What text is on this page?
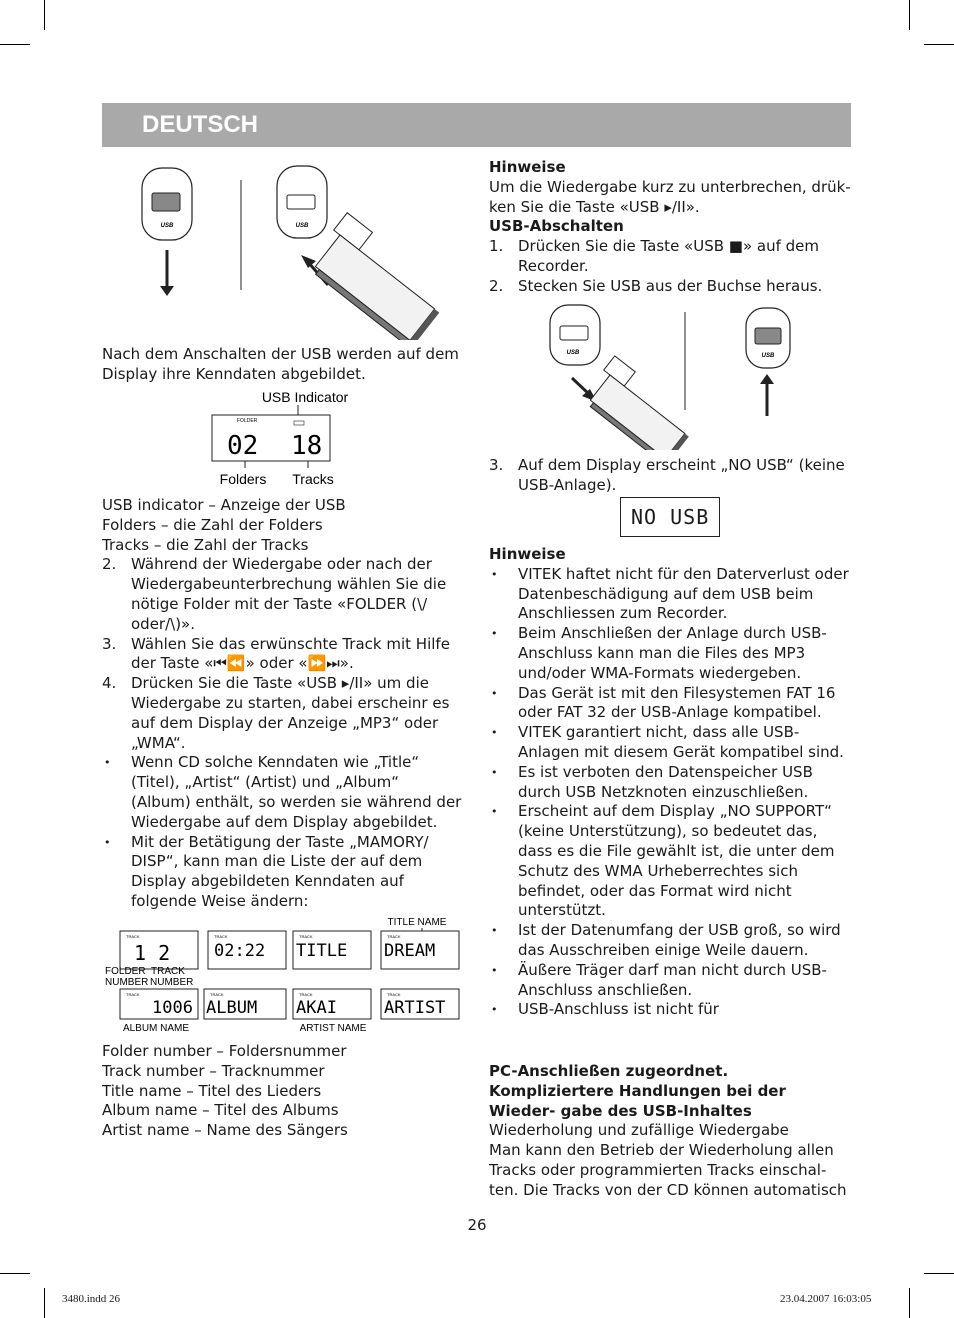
DEUTSCH
USB	USB

Nach dem Anschalten der USB werden auf dem Display ihre Kenndaten abgebildet.

USB Indicator
FOLDER
02 18
Folders Tracks

USB indicator – Anzeige der USB

Folders – die Zahl der Folders

Tracks – die Zahl der Tracks

2. Während der Wiedergabe oder nach der Wiedergabeunterbrechung wählen Sie die nötige Folder mit der Taste «FOLDER (\/ oder/\)».
3. Wählen Sie das erwünschte Track mit Hilfe der Taste «⏮⏪» oder «⏩⏭».
4. Drücken Sie die Taste «USB ▸/II» um die Wiedergabe zu starten, dabei erscheinr es auf dem Display der Anzeige „MP3“ oder „WMA“.
• Wenn CD solche Kenndaten wie „Title“ (Titel), „Artist“ (Artist) und „Album“ (Album) enthält, so werden sie während der Wiedergabe auf dem Display abgebildet.
• Mit der Betätigung der Taste „MAMORY/ DISP“, kann man die Liste der auf dem Display abgebildeten Kenndaten auf folgende Weise ändern:
TITLE NAME
TRACK
1 2
TRACK
02:22
TRACK
TITLE
TRACK
DREAM
FOLDER TRACK
NUMBER NUMBER
TRACK
1006
TRACK
ALBUM
TRACK
AKAI
TRACK
ARTIST
ALBUM NAME	ARTIST NAME

Folder number – Foldersnummer

Track number – Tracknummer

Title name – Titel des Lieders

Album name – Titel des Albums

Artist name – Name des Sängers

Hinweise

Um die Wiedergabe kurz zu unterbrechen, drük- ken Sie die Taste «USB ▸/II».

USB-Abschalten

1. Drücken Sie die Taste «USB ■» auf dem Recorder.
2. Stecken Sie USB aus der Buchse heraus.
USB	USB
3. Auf dem Display erscheint „NO USB“ (keine USB-Anlage).
NO USB

Hinweise

• VITEK haftet nicht für den Daterverlust oder Datenbeschädigung auf dem USB beim Anschliessen zum Recorder.
• Beim Anschließen der Anlage durch USB-Anschluss kann man die Files des MP3 und/oder WMA-Formats wiedergeben.
• Das Gerät ist mit den Filesystemen FAT 16 oder FAT 32 der USB-Anlage kompatibel.
• VITEK garantiert nicht, dass alle USB-Anlagen mit diesem Gerät kompatibel sind.
• Es ist verboten den Datenspeicher USB durch USB Netzknoten einzuschließen.
• Erscheint auf dem Display „NO SUPPORT“ (keine Unterstützung), so bedeutet das, dass es die File gewählt ist, die unter dem Schutz des WMA Urheberrechtes sich befindet, oder das Format wird nicht unterstützt.
• Ist der Datenumfang der USB groß, so wird das Ausschreiben einige Weile dauern.
• Äußere Träger darf man nicht durch USB-Anschluss anschließen.
• USB-Anschluss ist nicht für

PC-Anschließen zugeordnet.

Kompliziertere Handlungen bei der Wieder- gabe des USB-Inhaltes

Wiederholung und zufällige Wiedergabe

Man kann den Betrieb der Wiederholung allen Tracks oder programmierten Tracks einschal- ten. Die Tracks von der CD können automatisch

26
3480.indd 26	23.04.2007 16:03:05
